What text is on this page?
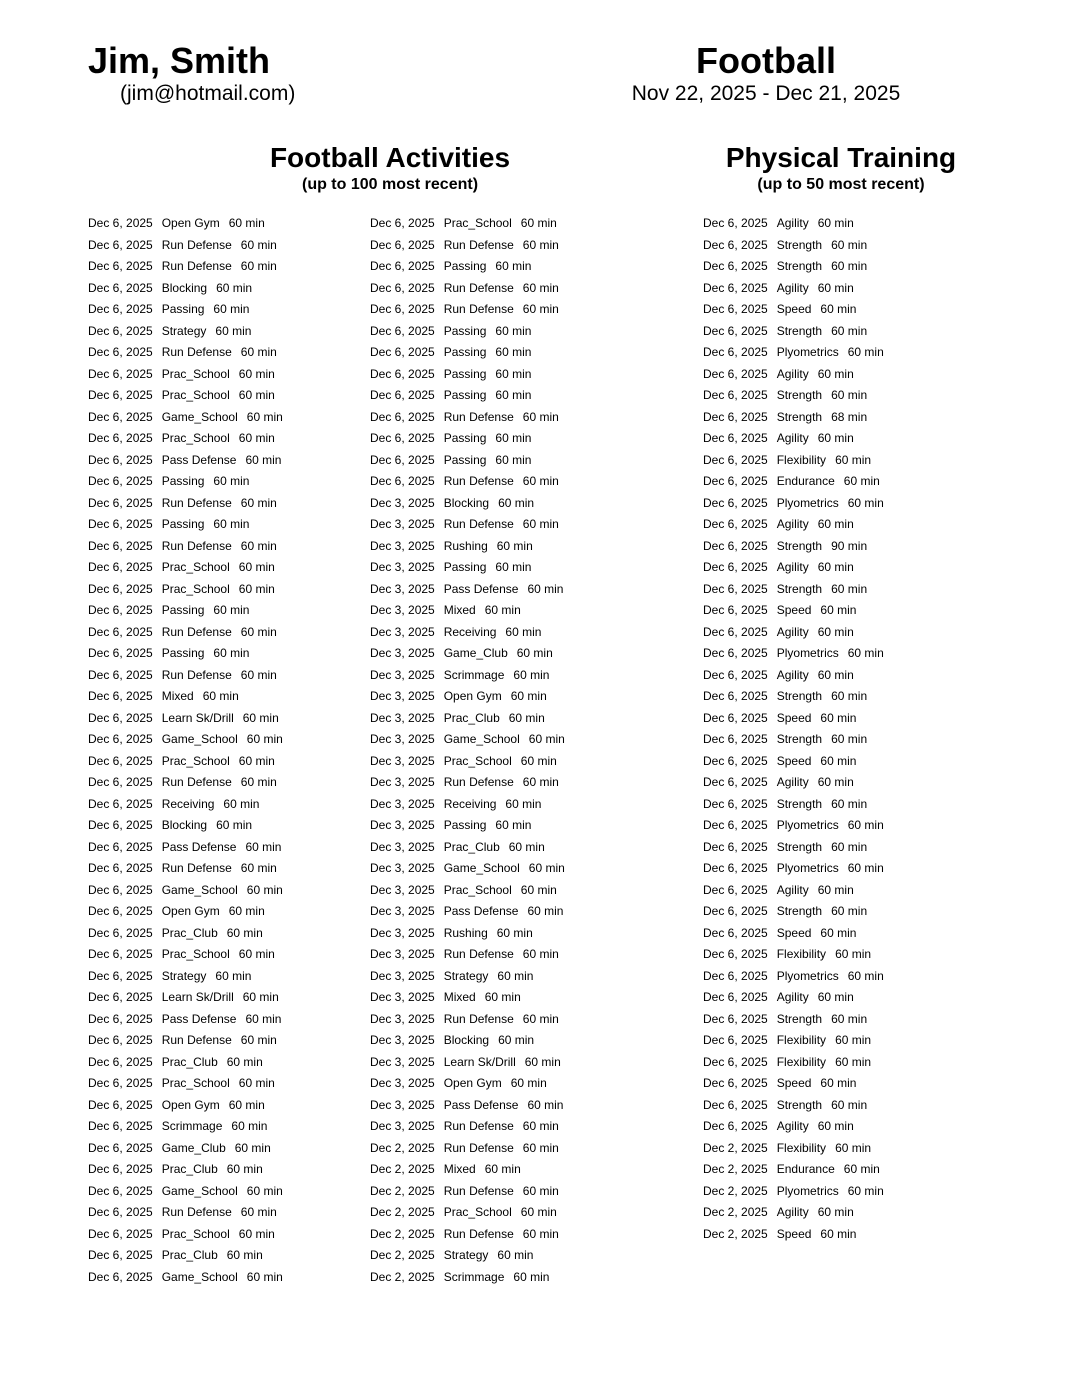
Jim, Smith
(jim@hotmail.com)
Football
Nov 22, 2025 - Dec 21, 2025
Football Activities
(up to 100 most recent)
Physical Training
(up to 50 most recent)
Dec 6, 2025 Open Gym 60 min
Dec 6, 2025 Run Defense 60 min
Dec 6, 2025 Run Defense 60 min
Dec 6, 2025 Blocking 60 min
Dec 6, 2025 Passing 60 min
Dec 6, 2025 Strategy 60 min
Dec 6, 2025 Run Defense 60 min
Dec 6, 2025 Prac_School 60 min
Dec 6, 2025 Prac_School 60 min
Dec 6, 2025 Game_School 60 min
Dec 6, 2025 Prac_School 60 min
Dec 6, 2025 Pass Defense 60 min
Dec 6, 2025 Passing 60 min
Dec 6, 2025 Run Defense 60 min
Dec 6, 2025 Passing 60 min
Dec 6, 2025 Run Defense 60 min
Dec 6, 2025 Prac_School 60 min
Dec 6, 2025 Prac_School 60 min
Dec 6, 2025 Passing 60 min
Dec 6, 2025 Run Defense 60 min
Dec 6, 2025 Passing 60 min
Dec 6, 2025 Run Defense 60 min
Dec 6, 2025 Mixed 60 min
Dec 6, 2025 Learn Sk/Drill 60 min
Dec 6, 2025 Game_School 60 min
Dec 6, 2025 Prac_School 60 min
Dec 6, 2025 Run Defense 60 min
Dec 6, 2025 Receiving 60 min
Dec 6, 2025 Blocking 60 min
Dec 6, 2025 Pass Defense 60 min
Dec 6, 2025 Run Defense 60 min
Dec 6, 2025 Game_School 60 min
Dec 6, 2025 Open Gym 60 min
Dec 6, 2025 Prac_Club 60 min
Dec 6, 2025 Prac_School 60 min
Dec 6, 2025 Strategy 60 min
Dec 6, 2025 Learn Sk/Drill 60 min
Dec 6, 2025 Pass Defense 60 min
Dec 6, 2025 Run Defense 60 min
Dec 6, 2025 Prac_Club 60 min
Dec 6, 2025 Prac_School 60 min
Dec 6, 2025 Open Gym 60 min
Dec 6, 2025 Scrimmage 60 min
Dec 6, 2025 Game_Club 60 min
Dec 6, 2025 Prac_Club 60 min
Dec 6, 2025 Game_School 60 min
Dec 6, 2025 Run Defense 60 min
Dec 6, 2025 Prac_School 60 min
Dec 6, 2025 Prac_Club 60 min
Dec 6, 2025 Game_School 60 min
Dec 6, 2025 Prac_School 60 min
Dec 6, 2025 Run Defense 60 min
Dec 6, 2025 Passing 60 min
Dec 6, 2025 Run Defense 60 min
Dec 6, 2025 Run Defense 60 min
Dec 6, 2025 Passing 60 min
Dec 6, 2025 Passing 60 min
Dec 6, 2025 Passing 60 min
Dec 6, 2025 Passing 60 min
Dec 6, 2025 Run Defense 60 min
Dec 6, 2025 Passing 60 min
Dec 6, 2025 Passing 60 min
Dec 6, 2025 Run Defense 60 min
Dec 3, 2025 Blocking 60 min
Dec 3, 2025 Run Defense 60 min
Dec 3, 2025 Rushing 60 min
Dec 3, 2025 Passing 60 min
Dec 3, 2025 Pass Defense 60 min
Dec 3, 2025 Mixed 60 min
Dec 3, 2025 Receiving 60 min
Dec 3, 2025 Game_Club 60 min
Dec 3, 2025 Scrimmage 60 min
Dec 3, 2025 Open Gym 60 min
Dec 3, 2025 Prac_Club 60 min
Dec 3, 2025 Game_School 60 min
Dec 3, 2025 Prac_School 60 min
Dec 3, 2025 Run Defense 60 min
Dec 3, 2025 Receiving 60 min
Dec 3, 2025 Passing 60 min
Dec 3, 2025 Prac_Club 60 min
Dec 3, 2025 Game_School 60 min
Dec 3, 2025 Prac_School 60 min
Dec 3, 2025 Pass Defense 60 min
Dec 3, 2025 Rushing 60 min
Dec 3, 2025 Run Defense 60 min
Dec 3, 2025 Strategy 60 min
Dec 3, 2025 Mixed 60 min
Dec 3, 2025 Run Defense 60 min
Dec 3, 2025 Blocking 60 min
Dec 3, 2025 Learn Sk/Drill 60 min
Dec 3, 2025 Open Gym 60 min
Dec 3, 2025 Pass Defense 60 min
Dec 3, 2025 Run Defense 60 min
Dec 2, 2025 Run Defense 60 min
Dec 2, 2025 Mixed 60 min
Dec 2, 2025 Run Defense 60 min
Dec 2, 2025 Prac_School 60 min
Dec 2, 2025 Run Defense 60 min
Dec 2, 2025 Strategy 60 min
Dec 2, 2025 Scrimmage 60 min
Dec 6, 2025 Agility 60 min
Dec 6, 2025 Strength 60 min
Dec 6, 2025 Strength 60 min
Dec 6, 2025 Agility 60 min
Dec 6, 2025 Speed 60 min
Dec 6, 2025 Strength 60 min
Dec 6, 2025 Plyometrics 60 min
Dec 6, 2025 Agility 60 min
Dec 6, 2025 Strength 60 min
Dec 6, 2025 Strength 68 min
Dec 6, 2025 Agility 60 min
Dec 6, 2025 Flexibility 60 min
Dec 6, 2025 Endurance 60 min
Dec 6, 2025 Plyometrics 60 min
Dec 6, 2025 Agility 60 min
Dec 6, 2025 Strength 90 min
Dec 6, 2025 Agility 60 min
Dec 6, 2025 Strength 60 min
Dec 6, 2025 Speed 60 min
Dec 6, 2025 Agility 60 min
Dec 6, 2025 Plyometrics 60 min
Dec 6, 2025 Agility 60 min
Dec 6, 2025 Strength 60 min
Dec 6, 2025 Speed 60 min
Dec 6, 2025 Strength 60 min
Dec 6, 2025 Speed 60 min
Dec 6, 2025 Agility 60 min
Dec 6, 2025 Strength 60 min
Dec 6, 2025 Plyometrics 60 min
Dec 6, 2025 Strength 60 min
Dec 6, 2025 Plyometrics 60 min
Dec 6, 2025 Agility 60 min
Dec 6, 2025 Strength 60 min
Dec 6, 2025 Speed 60 min
Dec 6, 2025 Flexibility 60 min
Dec 6, 2025 Plyometrics 60 min
Dec 6, 2025 Agility 60 min
Dec 6, 2025 Strength 60 min
Dec 6, 2025 Flexibility 60 min
Dec 6, 2025 Flexibility 60 min
Dec 6, 2025 Speed 60 min
Dec 6, 2025 Strength 60 min
Dec 6, 2025 Agility 60 min
Dec 2, 2025 Flexibility 60 min
Dec 2, 2025 Endurance 60 min
Dec 2, 2025 Plyometrics 60 min
Dec 2, 2025 Agility 60 min
Dec 2, 2025 Speed 60 min
